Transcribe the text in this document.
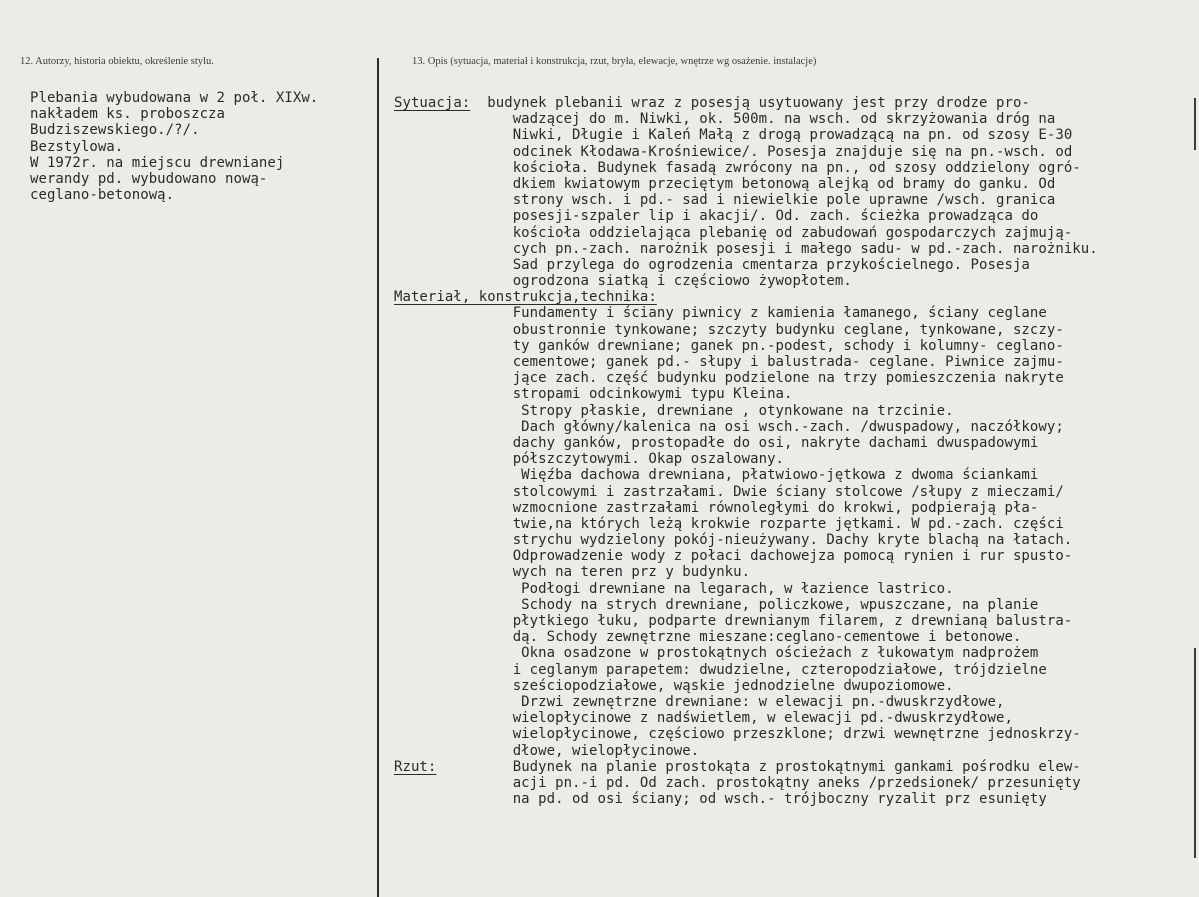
12. Autorzy, historia obiektu, określenie stylu.	13. Opis (sytuacja, materiał i konstrukcja, rzut, bryła, elewacje, wnętrze wg osażenie. instalacje)
Plebania wybudowana w 2 poł. XIXw.
nakładem ks. proboszcza
Budziszewskiego./?/.
Bezstylowa.
W 1972r. na miejscu drewnianej
werandy pd. wybudowano nową-
ceglano-betonową.
Sytuacja:  budynek plebanii wraz z posesją usytuowany jest przy drodze pro-
wadzącej do m. Niwki, ok. 500m. na wsch. od skrzyżowania dróg na
Niwki, Długie i Kaleń Małą z drogą prowadzącą na pn. od szosy E-30
odcinek Kłodawa-Krośniewice/. Posesja znajduje się na pn.-wsch. od
kościoła. Budynek fasadą zwrócony na pn., od szosy oddzielony ogró-
dkiem kwiatowym przeciętym betonową alejką od bramy do ganku. Od
strony wsch. i pd.- sad i niewielkie pole uprawne /wsch. granica
posesji-szpaler lip i akacji/. Od. zach. ścieżka prowadząca do
kościoła oddzielająca plebanię od zabudowań gospodarczych zajmują-
cych pn.-zach. narożnik posesji i małego sadu- w pd.-zach. narożniku.
Sad przylega do ogrodzenia cmentarza przykościelnego. Posesja
ogrodzona siatką i częściowo żywopłotem.
Materiał, konstrukcja,technika:
Fundamenty i ściany piwnicy z kamienia łamanego, ściany ceglane
obustronnie tynkowane; szczyty budynku ceglane, tynkowane, szczy-
ty ganków drewniane; ganek pn.-podest, schody i kolumny- ceglano-
cementowe; ganek pd.- słupy i balustrada- ceglane. Piwnice zajmu-
jące zach. część budynku podzielone na trzy pomieszczenia nakryte
stropami odcinkowymi typu Kleina.
Stropy płaskie, drewniane , otynkowane na trzcinie.
Dach główny/kalenica na osi wsch.-zach. /dwuspadowy, naczółkowy;
dachy ganków, prostopadłe do osi, nakryte dachami dwuspadowymi
półszczytowymi. Okap oszalowany.
Więźba dachowa drewniana, płatwiowo-jętkowa z dwoma ściankami
stolcowymi i zastrzałami. Dwie ściany stolcowe /słupy z mieczami/
wzmocnione zastrzałami równoległymi do krokwi, podpierają pła-
twie,na których leżą krokwie rozparte jętkami. W pd.-zach. części
strychu wydzielony pokój-nieużywany. Dachy kryte blachą na łatach.
Odprowadzenie wody z połaci dachowejza pomocą rynien i rur spusto-
wych na teren prz y budynku.
Podłogi drewniane na legarach, w łazience lastrico.
Schody na strych drewniane, policzkowe, wpuszczane, na planie
płytkiego łuku, podparte drewnianym filarem, z drewnianą balustra-
dą. Schody zewnętrzne mieszane:ceglano-cementowe i betonowe.
Okna osadzone w prostokątnych ościeżach z łukowatym nadprożem
i ceglanym parapetem: dwudzielne, czteropodziałowe, trójdzielne
sześciopodziałowe, wąskie jednodzielne dwupoziomowe.
Drzwi zewnętrzne drewniane: w elewacji pn.-dwuskrzydłowe,
wielopłycinowe z nadświetlem, w elewacji pd.-dwuskrzydłowe,
wielopłycinowe, częściowo przeszklone; drzwi wewnętrzne jednoskrzy-
dłowe, wielopłycinowe.
Rzut:         Budynek na planie prostokąta z prostokątnymi gankami pośrodku elew-
acji pn.-i pd. Od zach. prostokątny aneks /przedsionek/ przesunięty
na pd. od osi ściany; od wsch.- trójboczny ryzalit prz esunięty
